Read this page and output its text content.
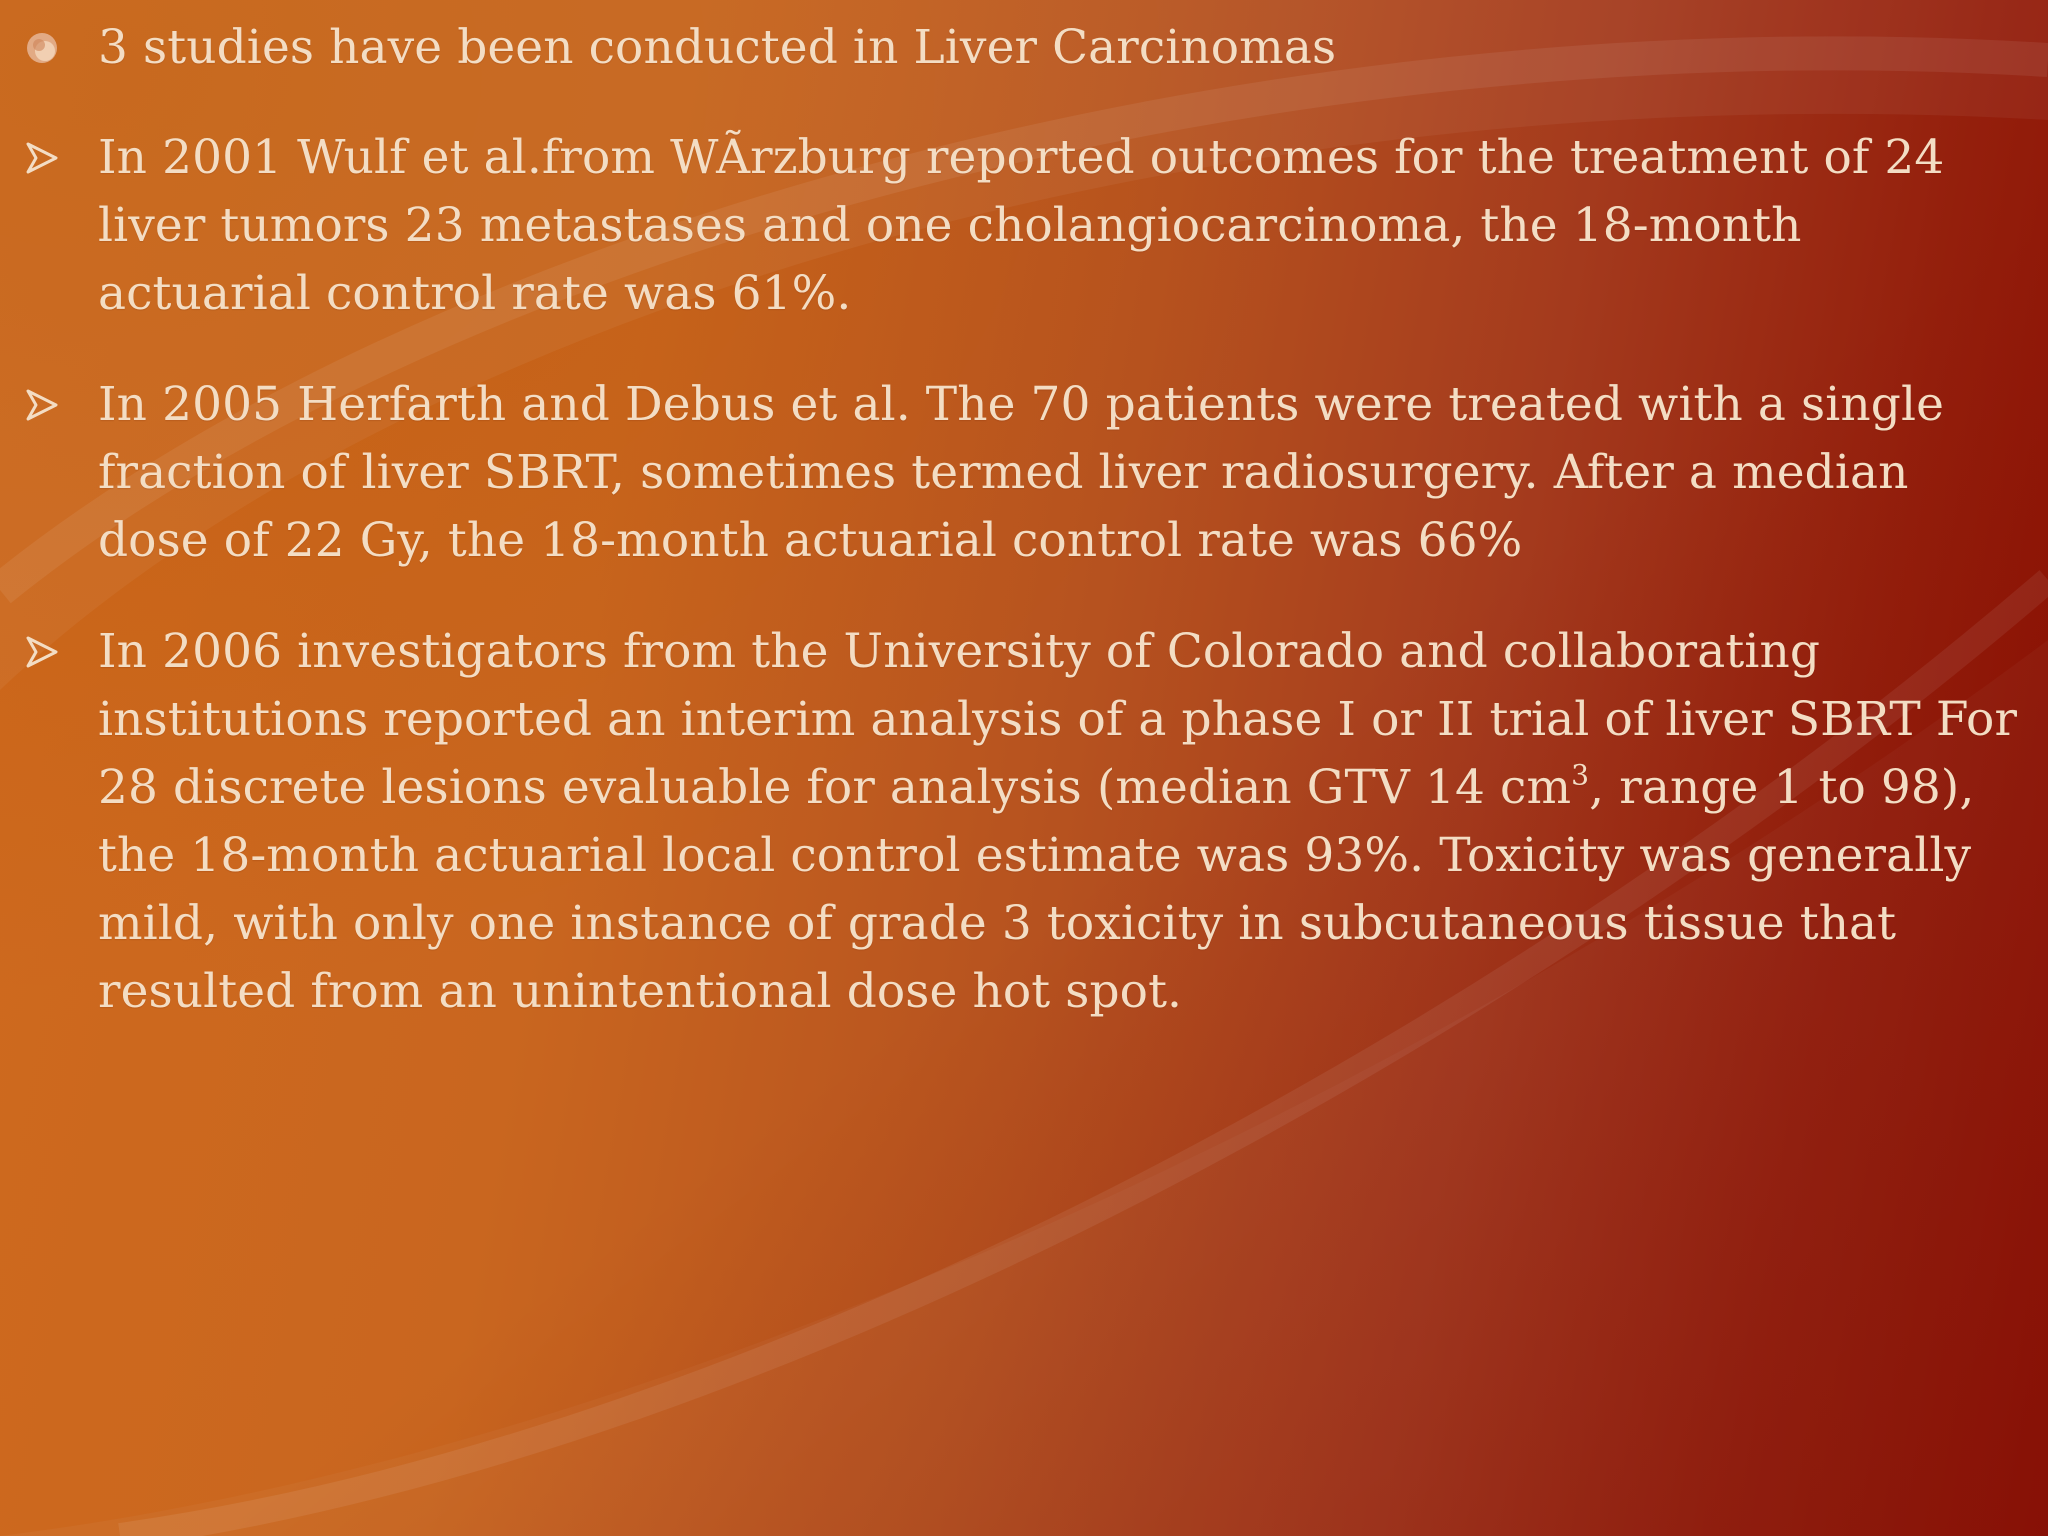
3 studies have been conducted in Liver Carcinomas
In 2001 Wulf et al.from WÃrzburg reported outcomes for the treatment of 24 liver tumors 23 metastases and one cholangiocarcinoma, the 18-month actuarial control rate was 61%.
In 2005 Herfarth and Debus et al. The 70 patients were treated with a single fraction of liver SBRT, sometimes termed liver radiosurgery. After a median dose of 22 Gy, the 18-month actuarial control rate was 66%
In 2006 investigators from the University of Colorado and collaborating institutions reported an interim analysis of a phase I or II trial of liver SBRT For 28 discrete lesions evaluable for analysis (median GTV 14 $cm^3$, range 1 to 98), the 18-month actuarial local control estimate was 93%. Toxicity was generally mild, with only one instance of grade 3 toxicity in subcutaneous tissue that resulted from an unintentional dose hot spot.
